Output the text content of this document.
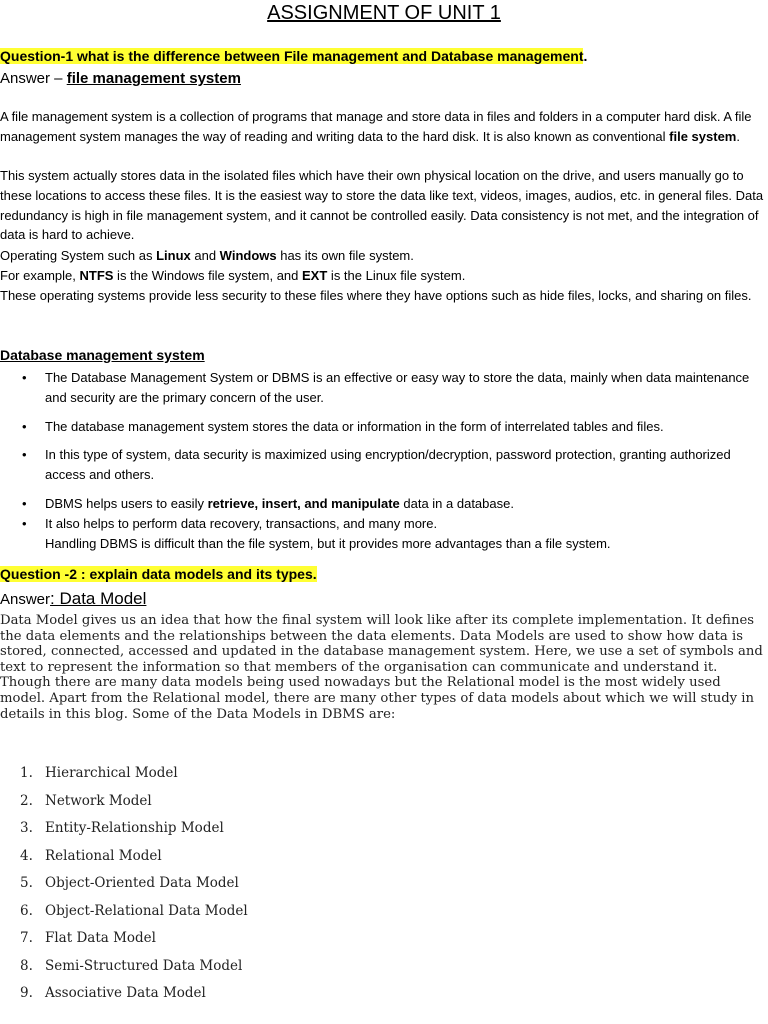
ASSIGNMENT OF UNIT 1
Question-1 what is the difference between File management and Database management.
Answer – file management system
A file management system is a collection of programs that manage and store data in files and folders in a computer hard disk. A file management system manages the way of reading and writing data to the hard disk. It is also known as conventional file system.
This system actually stores data in the isolated files which have their own physical location on the drive, and users manually go to these locations to access these files. It is the easiest way to store the data like text, videos, images, audios, etc. in general files. Data redundancy is high in file management system, and it cannot be controlled easily. Data consistency is not met, and the integration of data is hard to achieve.
Operating System such as Linux and Windows has its own file system.
For example, NTFS is the Windows file system, and EXT is the Linux file system.
These operating systems provide less security to these files where they have options such as hide files, locks, and sharing on files.
Database management system
• The Database Management System or DBMS is an effective or easy way to store the data, mainly when data maintenance and security are the primary concern of the user.
• The database management system stores the data or information in the form of interrelated tables and files.
• In this type of system, data security is maximized using encryption/decryption, password protection, granting authorized access and others.
• DBMS helps users to easily retrieve, insert, and manipulate data in a database.
• It also helps to perform data recovery, transactions, and many more.
Handling DBMS is difficult than the file system, but it provides more advantages than a file system.
Question -2 : explain data models and its types.
Answer: Data Model
Data Model gives us an idea that how the final system will look like after its complete implementation. It defines the data elements and the relationships between the data elements. Data Models are used to show how data is stored, connected, accessed and updated in the database management system. Here, we use a set of symbols and text to represent the information so that members of the organisation can communicate and understand it. Though there are many data models being used nowadays but the Relational model is the most widely used model. Apart from the Relational model, there are many other types of data models about which we will study in details in this blog. Some of the Data Models in DBMS are:
1. Hierarchical Model
2. Network Model
3. Entity-Relationship Model
4. Relational Model
5. Object-Oriented Data Model
6. Object-Relational Data Model
7. Flat Data Model
8. Semi-Structured Data Model
9. Associative Data Model
